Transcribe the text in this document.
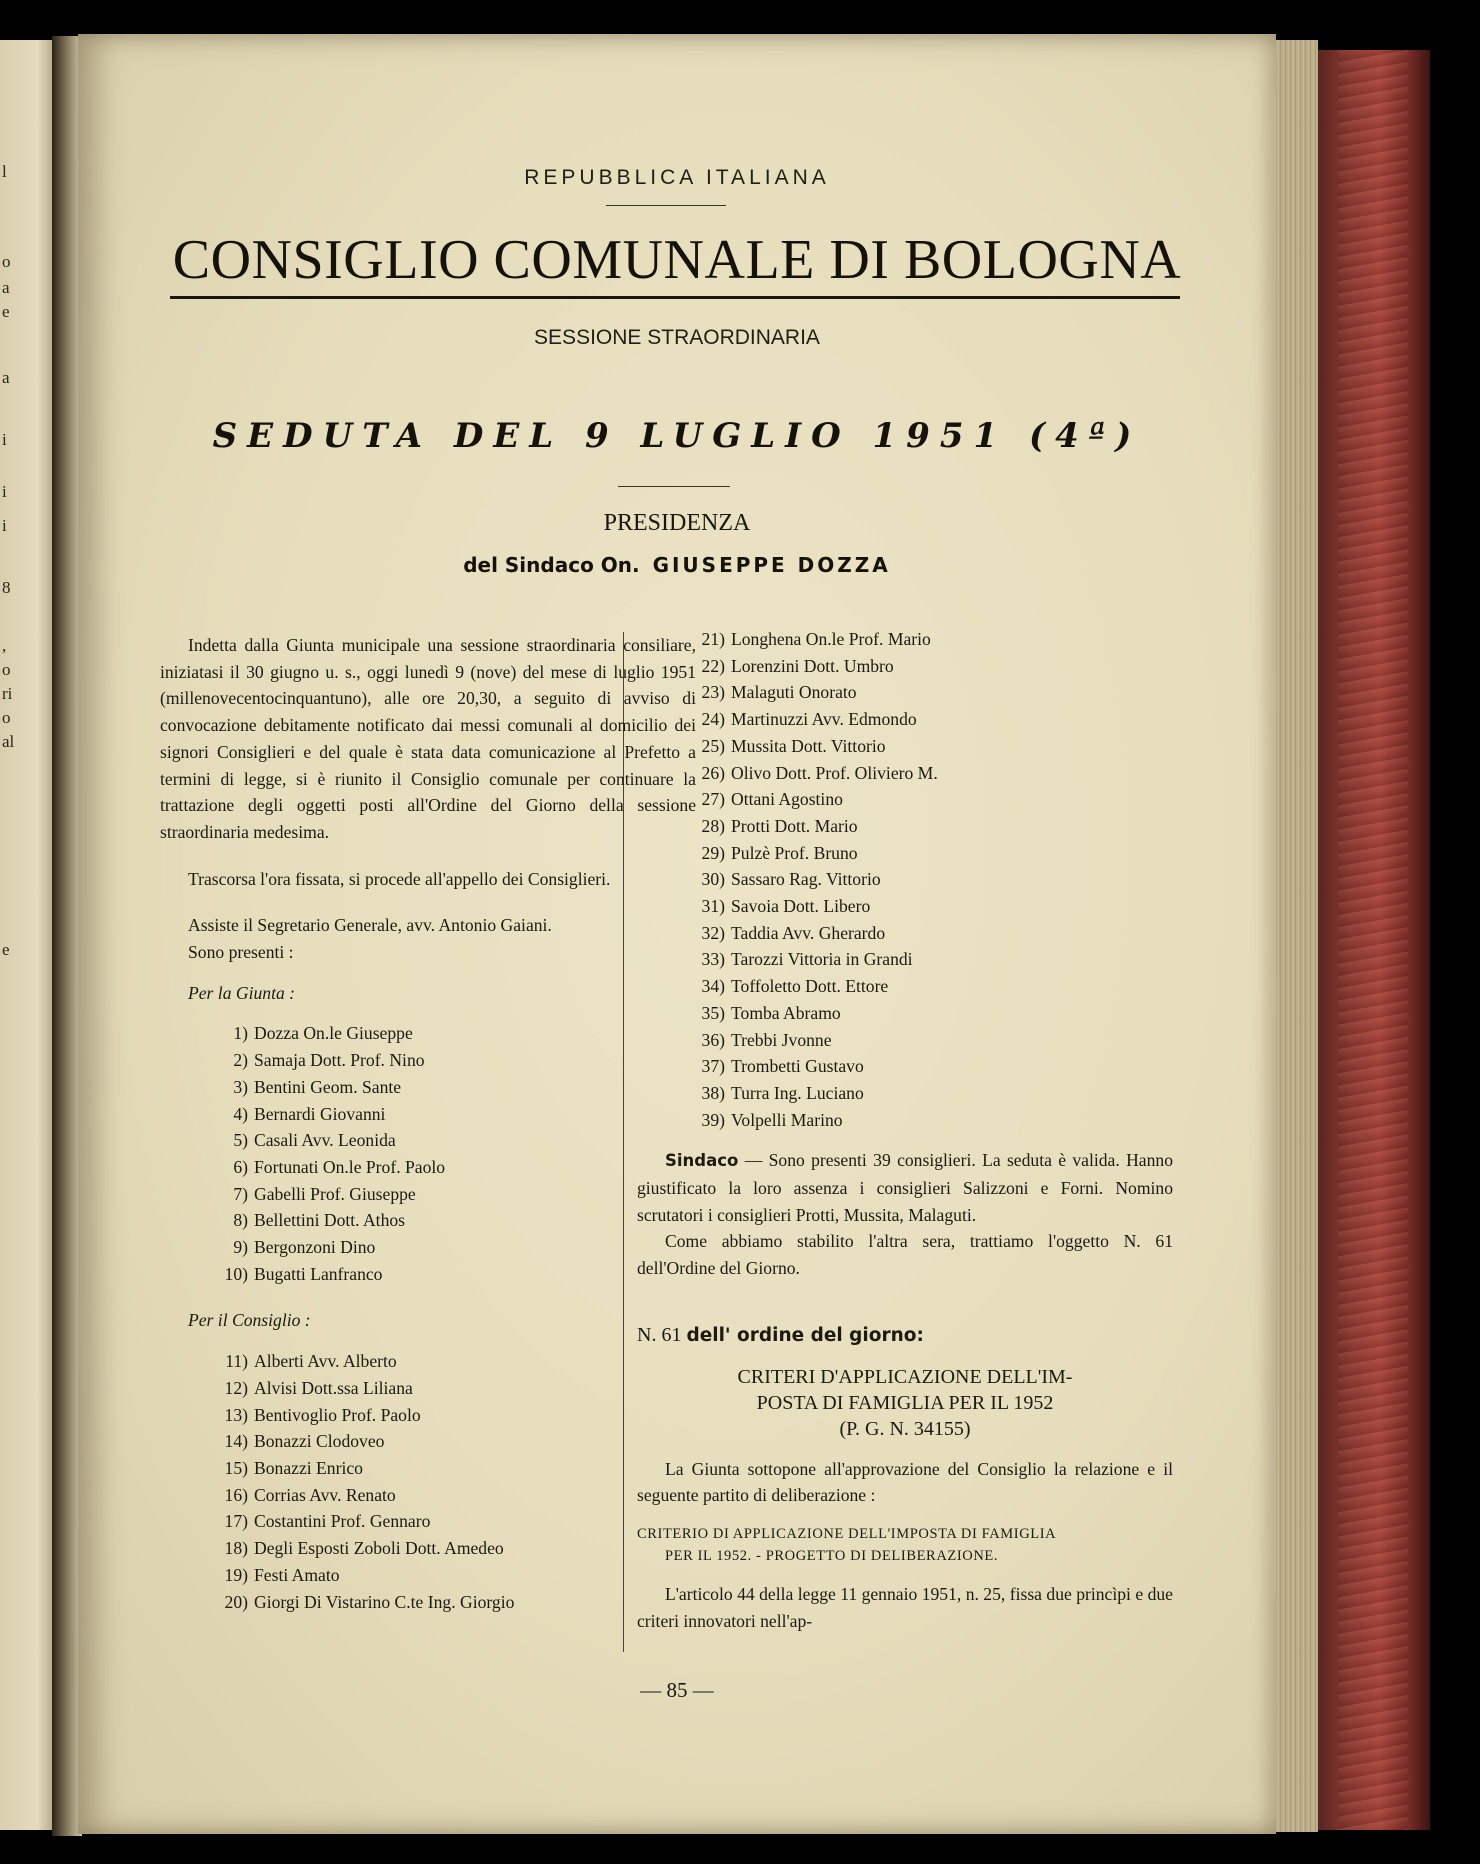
l
o
a
e
a
i
i
i
8
,
o
ri
o
al
e
REPUBBLICA ITALIANA
CONSIGLIO COMUNALE DI BOLOGNA
SESSIONE STRAORDINARIA
SEDUTA DEL 9 LUGLIO 1951 (4ª)
PRESIDENZA
del Sindaco On. GIUSEPPE DOZZA

Indetta dalla Giunta municipale una sessione straordinaria consiliare, iniziatasi il 30 giugno u. s., oggi lunedì 9 (nove) del mese di luglio 1951 (millenovecentocinquantuno), alle ore 20,30, a seguito di avviso di convocazione debitamente notificato dai messi comunali al domicilio dei signori Consiglieri e del quale è stata data comunicazione al Prefetto a termini di legge, si è riunito il Consiglio comunale per continuare la trattazione degli oggetti posti all'Ordine del Giorno della sessione straordinaria medesima.

Trascorsa l'ora fissata, si procede all'appello dei Consiglieri.

Assiste il Segretario Generale, avv. Antonio Gaiani.

Sono presenti :

Per la Giunta :

1) Dozza On.le Giuseppe
2) Samaja Dott. Prof. Nino
3) Bentini Geom. Sante
4) Bernardi Giovanni
5) Casali Avv. Leonida
6) Fortunati On.le Prof. Paolo
7) Gabelli Prof. Giuseppe
8) Bellettini Dott. Athos
9) Bergonzoni Dino
10) Bugatti Lanfranco

Per il Consiglio :

11) Alberti Avv. Alberto
12) Alvisi Dott.ssa Liliana
13) Bentivoglio Prof. Paolo
14) Bonazzi Clodoveo
15) Bonazzi Enrico
16) Corrias Avv. Renato
17) Costantini Prof. Gennaro
18) Degli Esposti Zoboli Dott. Amedeo
19) Festi Amato
20) Giorgi Di Vistarino C.te Ing. Giorgio
21) Longhena On.le Prof. Mario
22) Lorenzini Dott. Umbro
23) Malaguti Onorato
24) Martinuzzi Avv. Edmondo
25) Mussita Dott. Vittorio
26) Olivo Dott. Prof. Oliviero M.
27) Ottani Agostino
28) Protti Dott. Mario
29) Pulzè Prof. Bruno
30) Sassaro Rag. Vittorio
31) Savoia Dott. Libero
32) Taddia Avv. Gherardo
33) Tarozzi Vittoria in Grandi
34) Toffoletto Dott. Ettore
35) Tomba Abramo
36) Trebbi Jvonne
37) Trombetti Gustavo
38) Turra Ing. Luciano
39) Volpelli Marino

Sindaco — Sono presenti 39 consiglieri. La seduta è valida. Hanno giustificato la loro assenza i consiglieri Salizzoni e Forni. Nomino scrutatori i consiglieri Protti, Mussita, Malaguti.

Come abbiamo stabilito l'altra sera, trattiamo l'oggetto N. 61 dell'Ordine del Giorno.

N. 61 dell' ordine del giorno:

CRITERI D'APPLICAZIONE DELL'IM-

POSTA DI FAMIGLIA PER IL 1952

(P. G. N. 34155)

La Giunta sottopone all'approvazione del Consiglio la relazione e il seguente partito di deliberazione :

CRITERIO DI APPLICAZIONE DELL'IMPOSTA DI FAMIGLIA

PER IL 1952. - PROGETTO DI DELIBERAZIONE.

L'articolo 44 della legge 11 gennaio 1951, n. 25, fissa due princìpi e due criteri innovatori nell'ap-

— 85 —
